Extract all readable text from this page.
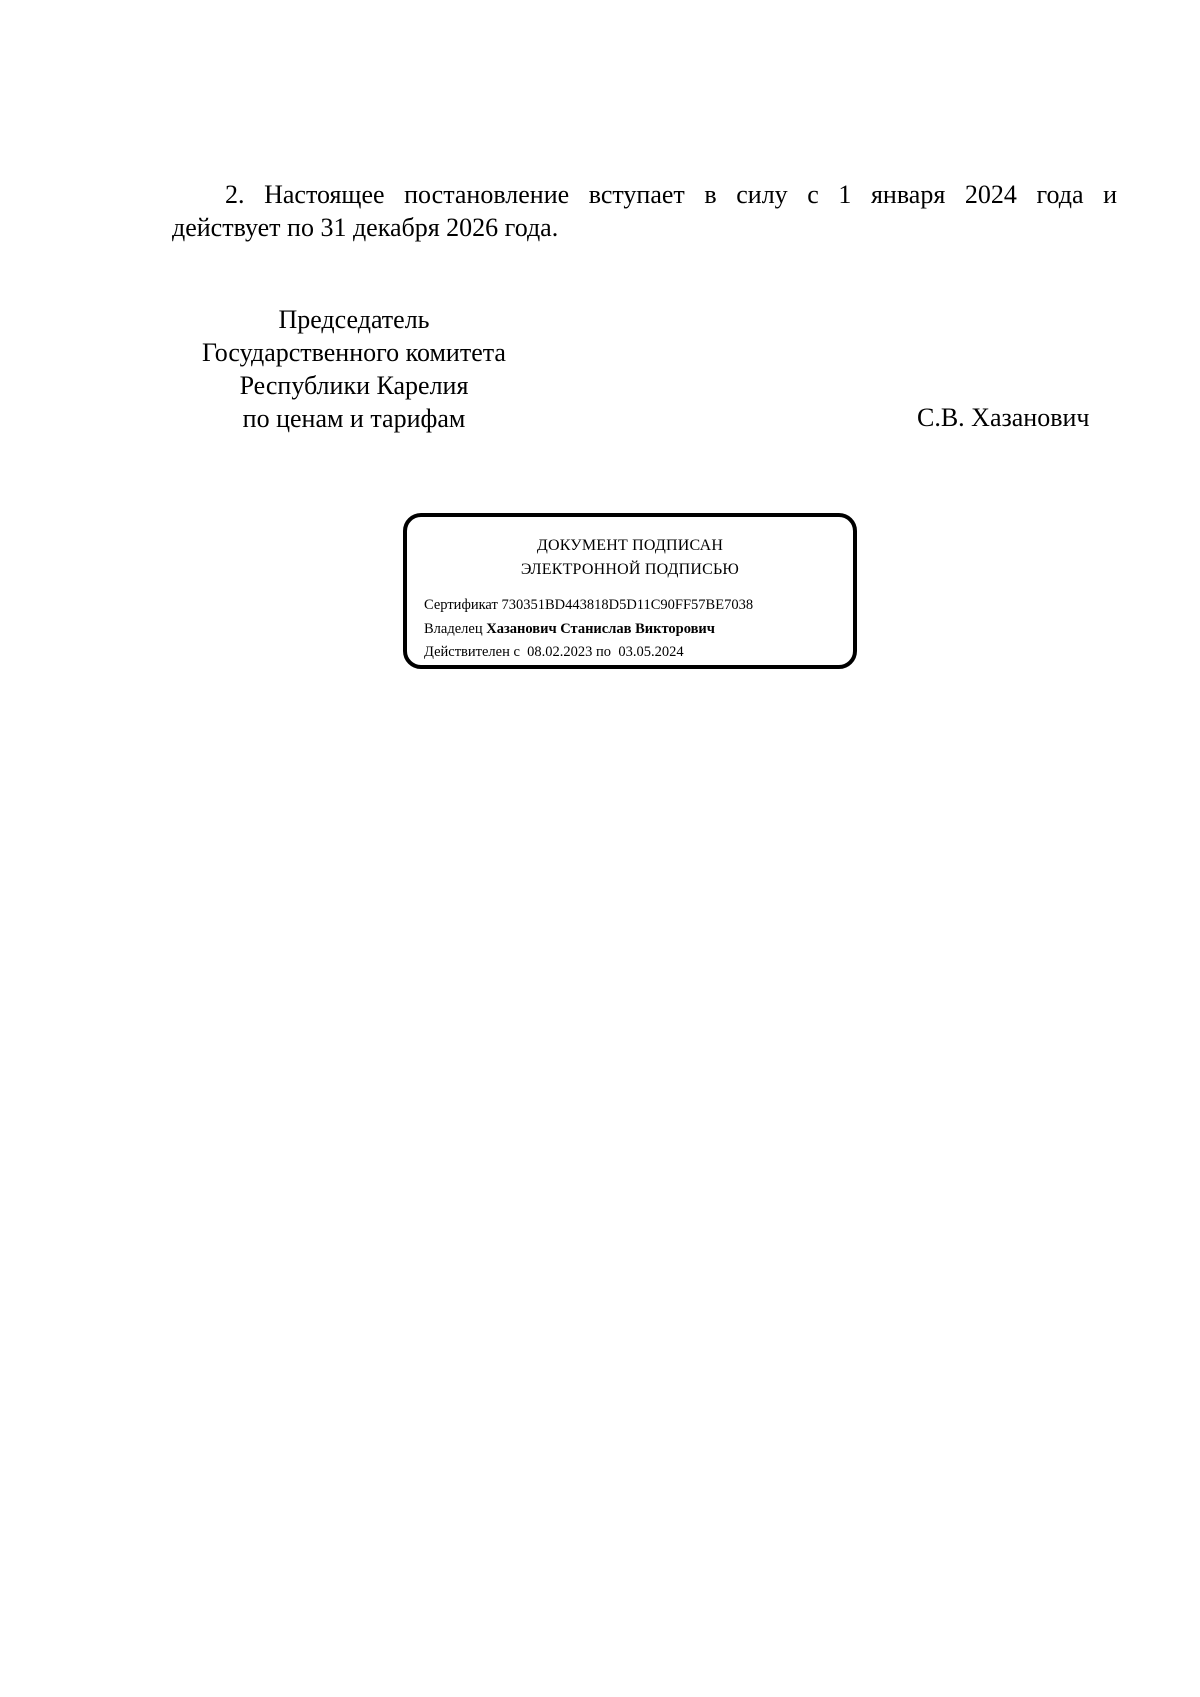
2. Настоящее постановление вступает в силу с 1 января 2024 года и
действует по 31 декабря 2026 года.
Председатель
Государственного комитета
Республики Карелия
по ценам и тарифам	С.В. Хазанович
ДОКУМЕНТ ПОДПИСАН
ЭЛЕКТРОННОЙ ПОДПИСЬЮ
Сертификат 730351BD443818D5D11C90FF57BE7038
Владелец Хазанович Станислав Викторович
Действителен с 08.02.2023 по 03.05.2024
